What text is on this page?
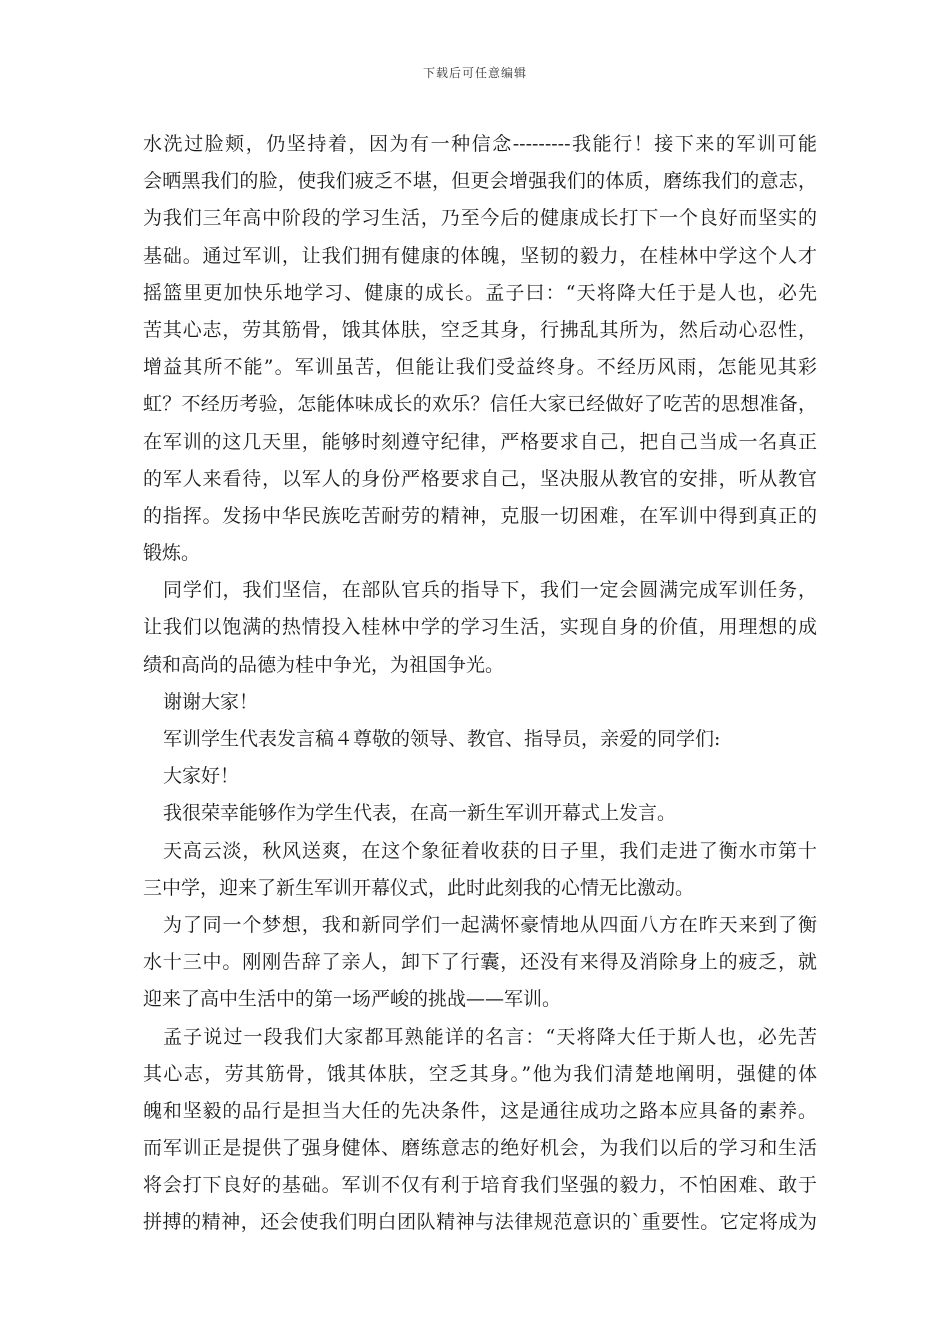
下载后可任意编辑
水洗过脸颊，仍坚持着，因为有一种信念---------我能行！接下来的军训可能
会晒黑我们的脸，使我们疲乏不堪，但更会增强我们的体质，磨练我们的意志，
为我们三年高中阶段的学习生活，乃至今后的健康成长打下一个良好而坚实的
基础。通过军训，让我们拥有健康的体魄，坚韧的毅力，在桂林中学这个人才
摇篮里更加快乐地学习、健康的成长。孟子曰：“天将降大任于是人也，必先
苦其心志，劳其筋骨，饿其体肤，空乏其身，行拂乱其所为，然后动心忍性，
增益其所不能”。军训虽苦，但能让我们受益终身。不经历风雨，怎能见其彩
虹？不经历考验，怎能体味成长的欢乐？信任大家已经做好了吃苦的思想准备，
在军训的这几天里，能够时刻遵守纪律，严格要求自己，把自己当成一名真正
的军人来看待，以军人的身份严格要求自己，坚决服从教官的安排，听从教官
的指挥。发扬中华民族吃苦耐劳的精神，克服一切困难，在军训中得到真正的
锻炼。
同学们，我们坚信，在部队官兵的指导下，我们一定会圆满完成军训任务，
让我们以饱满的热情投入桂林中学的学习生活，实现自身的价值，用理想的成
绩和高尚的品德为桂中争光，为祖国争光。
谢谢大家！
军训学生代表发言稿４尊敬的领导、教官、指导员，亲爱的同学们:
大家好！
我很荣幸能够作为学生代表，在高一新生军训开幕式上发言。
天高云淡，秋风送爽，在这个象征着收获的日子里，我们走进了衡水市第十
三中学，迎来了新生军训开幕仪式，此时此刻我的心情无比激动。
为了同一个梦想，我和新同学们一起满怀豪情地从四面八方在昨天来到了衡
水十三中。刚刚告辞了亲人，卸下了行囊，还没有来得及消除身上的疲乏，就
迎来了高中生活中的第一场严峻的挑战——军训。
孟子说过一段我们大家都耳熟能详的名言：“天将降大任于斯人也，必先苦
其心志，劳其筋骨，饿其体肤，空乏其身。”他为我们清楚地阐明，强健的体
魄和坚毅的品行是担当大任的先决条件，这是通往成功之路本应具备的素养。
而军训正是提供了强身健体、磨练意志的绝好机会，为我们以后的学习和生活
将会打下良好的基础。军训不仅有利于培育我们坚强的毅力，不怕困难、敢于
拼搏的精神，还会使我们明白团队精神与法律规范意识的`重要性。它定将成为
